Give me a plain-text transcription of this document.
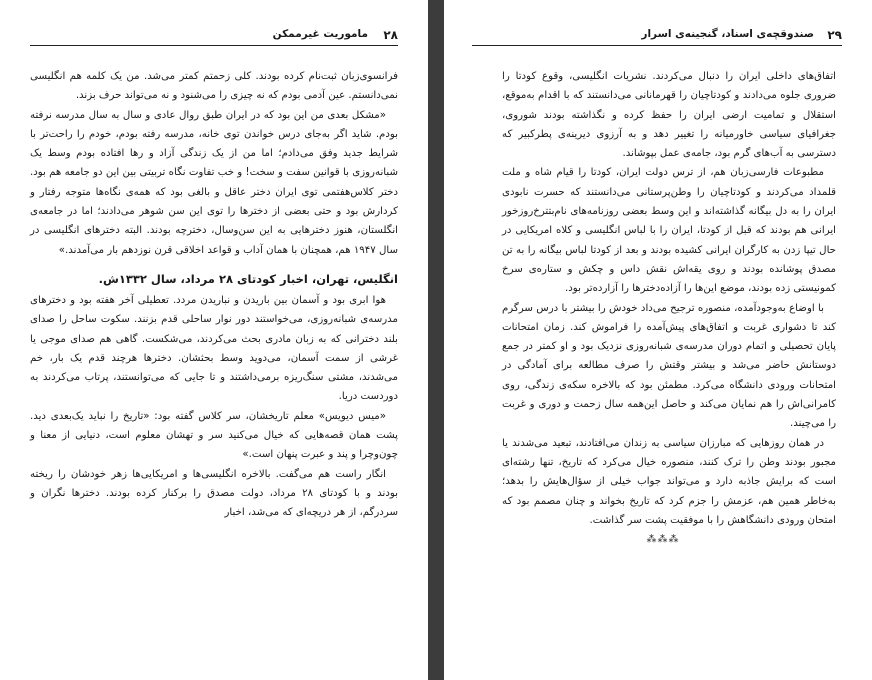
۲۸
ماموریت غیرممکن

فرانسوی‌زبان ثبت‌نام کرده بودند. کلی زحمتم کمتر می‌شد. من یک کلمه هم انگلیسی نمی‌دانستم. عین آدمی بودم که نه چیزی را می‌شنود و نه می‌تواند حرف بزند.

«مشکل بعدی من این بود که در ایران طبق روال عادی و سال به سال مدرسه نرفته بودم. شاید اگر به‌جای درس خواندن توی خانه، مدرسه رفته بودم، خودم را راحت‌تر با شرایط جدید وفق می‌دادم؛ اما من از یک زندگی آزاد و رها افتاده بودم وسط یک شبانه‌روزی با قوانین سفت و سخت! و خب تفاوت نگاه تربیتی بین این دو جامعه هم بود. دختر کلاس‌هفتمی توی ایران دختر عاقل و بالغی بود که همه‌ی نگاه‌ها متوجه رفتار و کردارش بود و حتی بعضی از دخترها را توی این سن شوهر می‌دادند؛ اما در جامعه‌ی انگلستان، هنوز دخترهایی به این سن‌وسال، دخترچه بودند. البته دخترهای انگلیسی در سال ۱۹۴۷ هم، همچنان با همان آداب و قواعد اخلاقی قرن نوزدهم بار می‌آمدند.»

انگلیس، تهران، اخبار کودتای ۲۸ مرداد، سال ۱۳۳۲ش.

هوا ابری بود و آسمان بین باریدن و نباریدن مردد. تعطیلی آخر هفته بود و دخترهای مدرسه‌ی شبانه‌روزی، می‌خواستند دور نوار ساحلی قدم بزنند. سکوت ساحل را صدای بلند دخترانی که به زبان مادری بحث می‌کردند، می‌شکست. گاهی هم صدای موجی یا غرشی از سمت آسمان، می‌دوید وسط بحثشان. دخترها هرچند قدم یک بار، خم می‌شدند، مشتی سنگ‌ریزه برمی‌داشتند و تا جایی که می‌توانستند، پرتاب می‌کردند به دوردست دریا.

«میس دیویس» معلم تاریخشان، سر کلاس گفته بود: «تاریخ را نباید یک‌بعدی دید. پشت همان قصه‌هایی که خیال می‌کنید سر و تهشان معلوم است، دنیایی از معنا و چون‌وچرا و پند و عبرت پنهان است.»

انگار راست هم می‌گفت. بالاخره انگلیسی‌ها و امریکایی‌ها زهر خودشان را ریخته بودند و با کودتای ۲۸ مرداد، دولت مصدق را برکنار کرده بودند. دخترها نگران و سردرگم، از هر دریچه‌ای که می‌شد، اخبار

۲۹
صندوقچه‌ی اسناد، گنجینه‌ی اسرار

اتفاق‌های داخلی ایران را دنبال می‌کردند. نشریات انگلیسی، وقوع کودتا را ضروری جلوه می‌دادند و کودتاچیان را قهرمانانی می‌دانستند که با اقدام به‌موقع، استقلال و تمامیت ارضی ایران را حفظ کرده و نگذاشته بودند شوروی، جغرافیای سیاسی خاورمیانه را تغییر دهد و به آرزوی دیرینه‌ی پطرکبیر که دسترسی به آب‌های گرم بود، جامه‌ی عمل بپوشاند.

مطبوعات فارسی‌زبان هم، از ترس دولت ایران، کودتا را قیام شاه و ملت قلمداد می‌کردند و کودتاچیان را وطن‌پرستانی می‌دانستند که حسرت نابودی ایران را به دل بیگانه گذاشته‌اند و این وسط بعضی روزنامه‌های نام‌بتترخ‌روزخور ایرانی هم بودند که قبل از کودتا، ایران را با لباس انگلیسی و کلاه امریکایی در حال تیپا زدن به کارگران ایرانی کشیده بودند و بعد از کودتا لباس بیگانه را به تن مصدق پوشانده بودند و روی یقه‌اش نقش داس و چکش و ستاره‌ی سرخ کمونیستی زده بودند، موضع این‌ها را آزاده‌دخترها را آزارده‌تر بود.

با اوضاع به‌وجودآمده، منصوره ترجیح می‌داد خودش را بیشتر با درس سرگرم کند تا دشواری غربت و اتفاق‌های پیش‌آمده را فراموش کند. زمان امتحانات پایان تحصیلی و اتمام دوران مدرسه‌ی شبانه‌روزی نزدیک بود و او کمتر در جمع دوستانش حاضر می‌شد و بیشتر وقتش را صرف مطالعه برای آمادگی در امتحانات ورودی دانشگاه می‌کرد. مطمئن بود که بالاخره سکه‌ی زندگی، روی کامرانی‌اش را هم نمایان می‌کند و حاصل این‌همه سال زحمت و دوری و غربت را می‌چیند.

در همان روزهایی که مبارزان سیاسی به زندان می‌افتادند، تبعید می‌شدند یا مجبور بودند وطن را ترک کنند، منصوره خیال می‌کرد که تاریخ، تنها رشته‌ای است که برایش جاذبه دارد و می‌تواند جواب خیلی از سؤال‌هایش را بدهد؛ به‌خاطر همین هم، عزمش را جزم کرد که تاریخ بخواند و چنان مصمم بود که امتحان ورودی دانشگاهش را با موفقیت پشت سر گذاشت.

⁂⁂⁂
